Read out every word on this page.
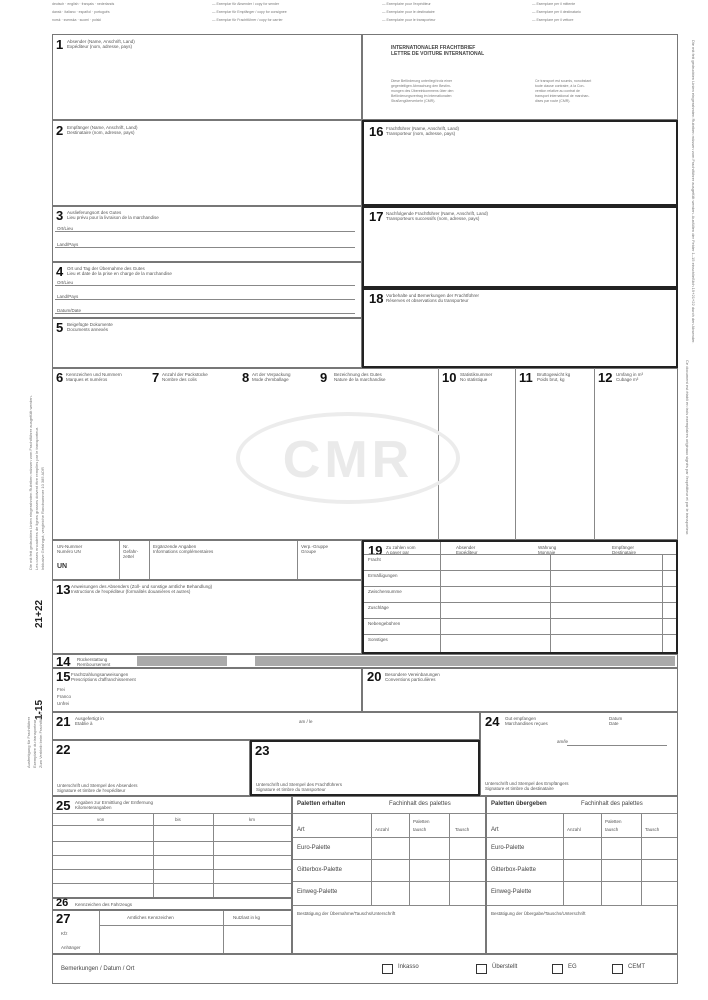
deutsch · english · français · nederlands
dansk · italiano · español · português
norsk · svenska · suomi · polski
— Exemplar für Absender / copy for sender
— Exemplar für Empfänger / copy for consignee
— Exemplar für Frachtführer / copy for carrier
— Exemplaire pour l'expéditeur
— Exemplaire pour le destinataire
— Exemplaire pour le transporteur
— Esemplare per il mittente
— Esemplare per il destinatario
— Esemplare per il vettore
1 Absender (Name, Anschrift, Land)
Expéditeur (nom, adresse, pays)	INTERNATIONALER FRACHTBRIEF
LETTRE DE VOITURE INTERNATIONAL
Diese Beförderung unterliegt trotz einer
gegenteiligen Abmachung den Bestim-
mungen des Übereinkommens über den
Beförderungsvertrag im internationalen
Straßengüterverkehr (CMR).
Ce transport est soumis, nonobstant
toute clause contraire, à la Con-
vention relative au contrat de
transport international de marchan-
dises par route (CMR).
2 Empfänger (Name, Anschrift, Land)
Destinataire (nom, adresse, pays)	16 Frachtführer (Name, Anschrift, Land)
Transporteur (nom, adresse, pays)
3 Auslieferungsort des Gutes
Lieu prévu pour la livraison de la marchandise
Ort/Lieu
Land/Pays
17 Nachfolgende Frachtführer (Name, Anschrift, Land)
Transporteurs successifs (nom, adresse, pays)
4 Ort und Tag der Übernahme des Gutes
Lieu et date de la prise en charge de la marchandise
Ort/Lieu
Land/Pays
Datum/Date
18 Vorbehalte und Bemerkungen der Frachtführer
Réserves et observations du transporteur
5 Beigefügte Dokumente
Documents annexés
6 Kennzeichen und Nummern
Marques et numéros	7 Anzahl der Packstücke
Nombre des colis	8 Art der Verpackung
Mode d'emballage 9 Bezeichnung des Gutes
Nature de la marchandise	10 Statistiknummer
No statistique 11 Bruttogewicht kg
Poids brut, kg	12 Umfang in m³
Cubage m³
CMR
UN-Nummer
Numéro UN
UN
Nr.
Gefahr-
zettel
Ergänzende Angaben
Informations complémentaires
Verp.-Gruppe
Groupe	19 Zu zahlen vom
A payer par
Absender
Expéditeur
Währung
Monnaie
Empfänger
Destinataire
Fracht
Ermäßigungen
Zwischensumme
Zuschläge
Nebengebühren
Sonstiges
13 Anweisungen des Absenders (Zoll- und sonstige amtliche Behandlung)
Instructions de l'expéditeur (formalités douanières et autres)
14 Rückerstattung
Remboursement
15 Frachtzahlungsanweisungen
Prescriptions d'affranchissement
Frei
Franco
Unfrei
20 Besondere Vereinbarungen
Conventions particulières
21 Ausgefertigt in
Etablie à	am / le	24 Gut empfangen
Marchandises reçues
Datum
Date
am/le
Unterschrift und Stempel des Empfängers
Signature et timbre du destinataire
22
Unterschrift und Stempel des Absenders
Signature et timbre de l'expéditeur
23
Unterschrift und Stempel des Frachtführers
Signature et timbre du transporteur
25 Angaben zur Ermittlung der Entfernung
Kilometerangaben
von	bis	km
Paletten erhalten	Fachinhalt des palettes
Art	Anzahl
Paletten
tausch	Tausch
Euro-Palette
Gitterbox-Palette
Einweg-Palette
Bestätigung der Übernahme/Tauschs/Unterschrift
Paletten übergeben	Fachinhalt des palettes
Art	Anzahl
Paletten
tausch	Tausch
Euro-Palette
Gitterbox-Palette
Einweg-Palette
Bestätigung der Übergabe/Tauschs/Unterschrift
26 Kennzeichen des Fahrzeugs
27	Amtliches Kennzeichen	Nutzlast in kg
Kfz
Anhänger
Bemerkungen / Datum / Ort	Inkasso	Überstellt	EG	CEMT
1-15
21+22
Die mit fett gedruckten Linien eingerahmten Rubriken müssen vom Frachtführer ausgefüllt werden. Les cases encadrées de lignes grasses doivent être remplies par le transporteur. Inklusive Gefahrgut, vergleiche Randnummer 10 385 ADR
Ausfertigung für Frachtführer Exemplaire du transporteur Zum Verbleib beim Frachtführer
Die mit fett gedruckten Linien eingerahmten Rubriken müssen vom Frachtführer ausgefüllt werden. Ausfüllen der Felder 1–15 einschließlich 19+21+22 durch den Absender.
Ce document est établi en trois exemplaires originaux signés par l'expéditeur et par le transporteur.
